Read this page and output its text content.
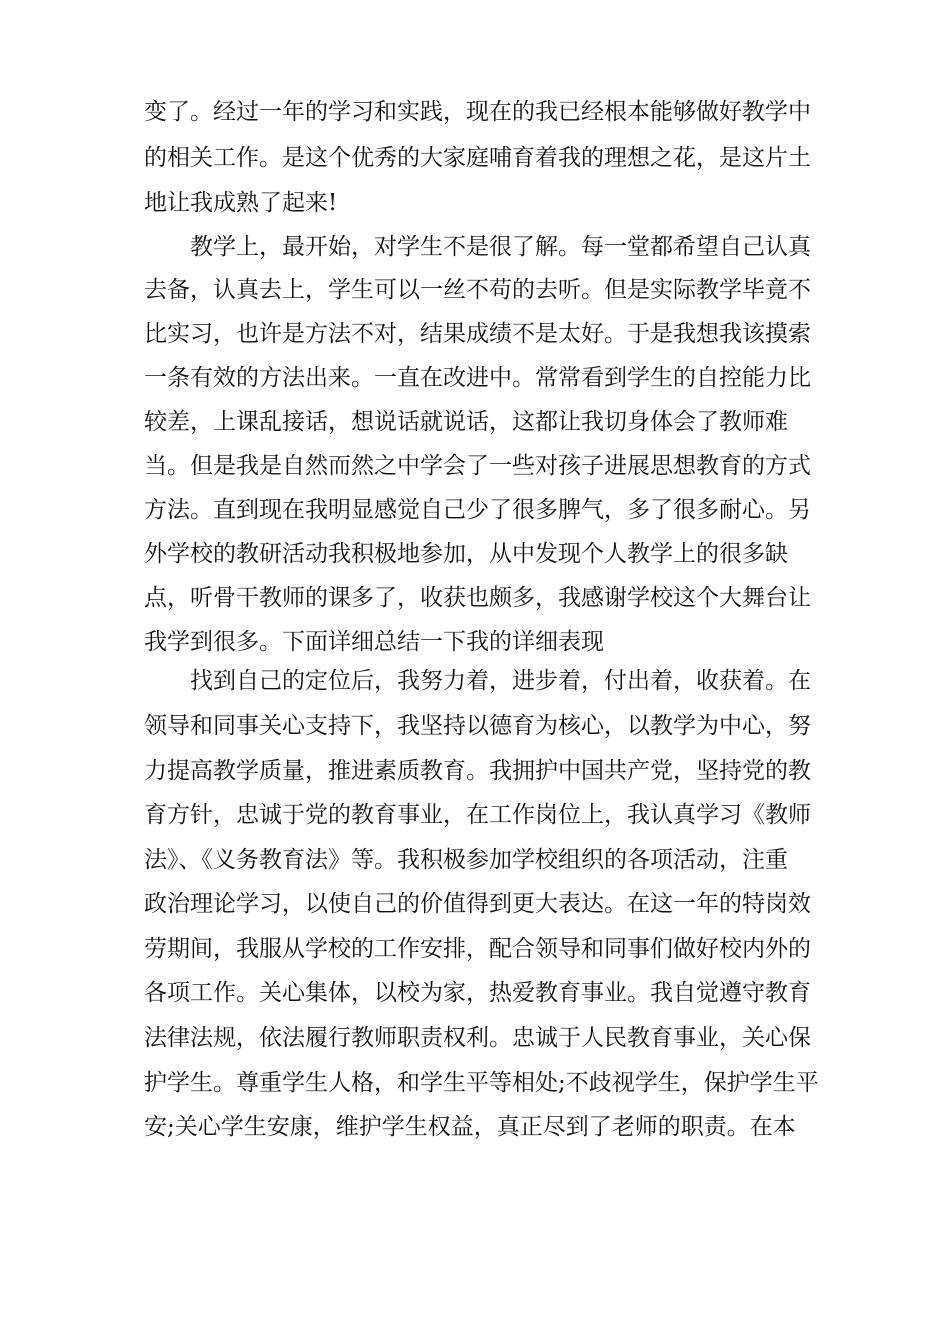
变了。经过一年的学习和实践，现在的我已经根本能够做好教学中
的相关工作。是这个优秀的大家庭哺育着我的理想之花，是这片土
地让我成熟了起来!
教学上，最开始，对学生不是很了解。每一堂都希望自己认真
去备，认真去上，学生可以一丝不苟的去听。但是实际教学毕竟不
比实习，也许是方法不对，结果成绩不是太好。于是我想我该摸索
一条有效的方法出来。一直在改进中。常常看到学生的自控能力比
较差，上课乱接话，想说话就说话，这都让我切身体会了教师难
当。但是我是自然而然之中学会了一些对孩子进展思想教育的方式
方法。直到现在我明显感觉自己少了很多脾气，多了很多耐心。另
外学校的教研活动我积极地参加，从中发现个人教学上的很多缺
点，听骨干教师的课多了，收获也颇多，我感谢学校这个大舞台让
我学到很多。下面详细总结一下我的详细表现
找到自己的定位后，我努力着，进步着，付出着，收获着。在
领导和同事关心支持下，我坚持以德育为核心，以教学为中心，努
力提高教学质量，推进素质教育。我拥护中国共产党，坚持党的教
育方针，忠诚于党的教育事业，在工作岗位上，我认真学习《教师
法》、《义务教育法》等。我积极参加学校组织的各项活动，注重
政治理论学习，以使自己的价值得到更大表达。在这一年的特岗效
劳期间，我服从学校的工作安排，配合领导和同事们做好校内外的
各项工作。关心集体，以校为家，热爱教育事业。我自觉遵守教育
法律法规，依法履行教师职责权利。忠诚于人民教育事业，关心保
护学生。尊重学生人格，和学生平等相处;不歧视学生，保护学生平
安;关心学生安康，维护学生权益，真正尽到了老师的职责。在本
